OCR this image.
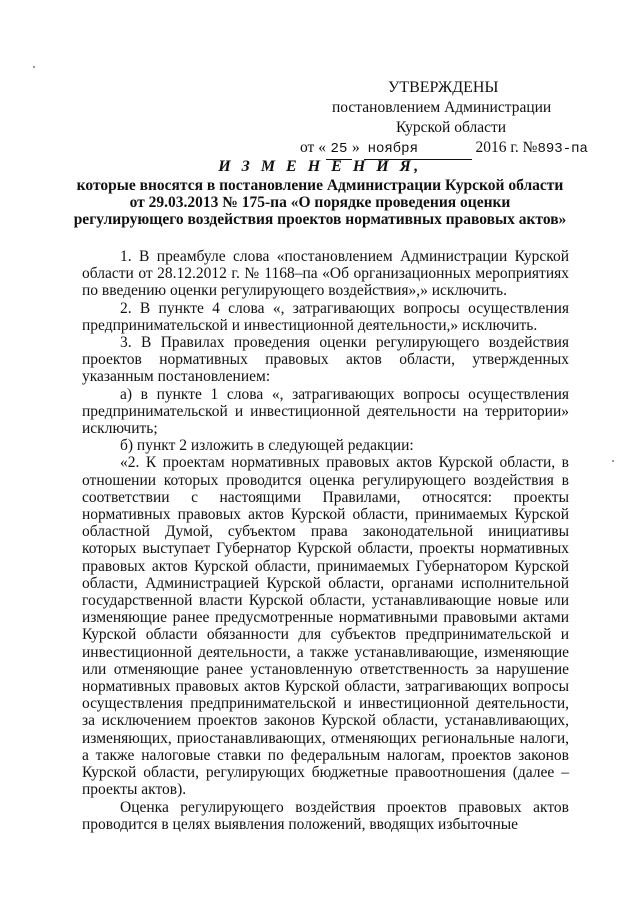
УТВЕРЖДЕНЫ
постановлением Администрации
Курской области
от « 25 » ноября	2016 г. №893-па
И З М Е Н Е Н И Я,
которые вносятся в постановление Администрации Курской области
от 29.03.2013 № 175-па «О порядке проведения оценки
регулирующего воздействия проектов нормативных правовых актов»

1. В преамбуле слова «постановлением Администрации Курской области от 28.12.2012 г. № 1168–па «Об организационных мероприятиях по введению оценки регулирующего воздействия»,» исключить.

2. В пункте 4 слова «, затрагивающих вопросы осуществления предпринимательской и инвестиционной деятельности,» исключить.

3. В Правилах проведения оценки регулирующего воздействия проектов нормативных правовых актов области, утвержденных указанным постановлением:

а) в пункте 1 слова «, затрагивающих вопросы осуществления предпринимательской и инвестиционной деятельности на территории» исключить;

б) пункт 2 изложить в следующей редакции:

«2. К проектам нормативных правовых актов Курской области, в отношении которых проводится оценка регулирующего воздействия в соответствии с настоящими Правилами, относятся: проекты нормативных правовых актов Курской области, принимаемых Курской областной Думой, субъектом права законодательной инициативы которых выступает Губернатор Курской области, проекты нормативных правовых актов Курской области, принимаемых Губернатором Курской области, Администрацией Курской области, органами исполнительной государственной власти Курской области, устанавливающие новые или изменяющие ранее предусмотренные нормативными правовыми актами Курской области обязанности для субъектов предпринимательской и инвестиционной деятельности, а также устанавливающие, изменяющие или отменяющие ранее установленную ответственность за нарушение нормативных правовых актов Курской области, затрагивающих вопросы осуществления предпринимательской и инвестиционной деятельности, за исключением проектов законов Курской области, устанавливающих, изменяющих, приостанавливающих, отменяющих региональные налоги, а также налоговые ставки по федеральным налогам, проектов законов Курской области, регулирующих бюджетные правоотношения (далее – проекты актов).

Оценка регулирующего воздействия проектов правовых актов проводится в целях выявления положений, вводящих избыточные
